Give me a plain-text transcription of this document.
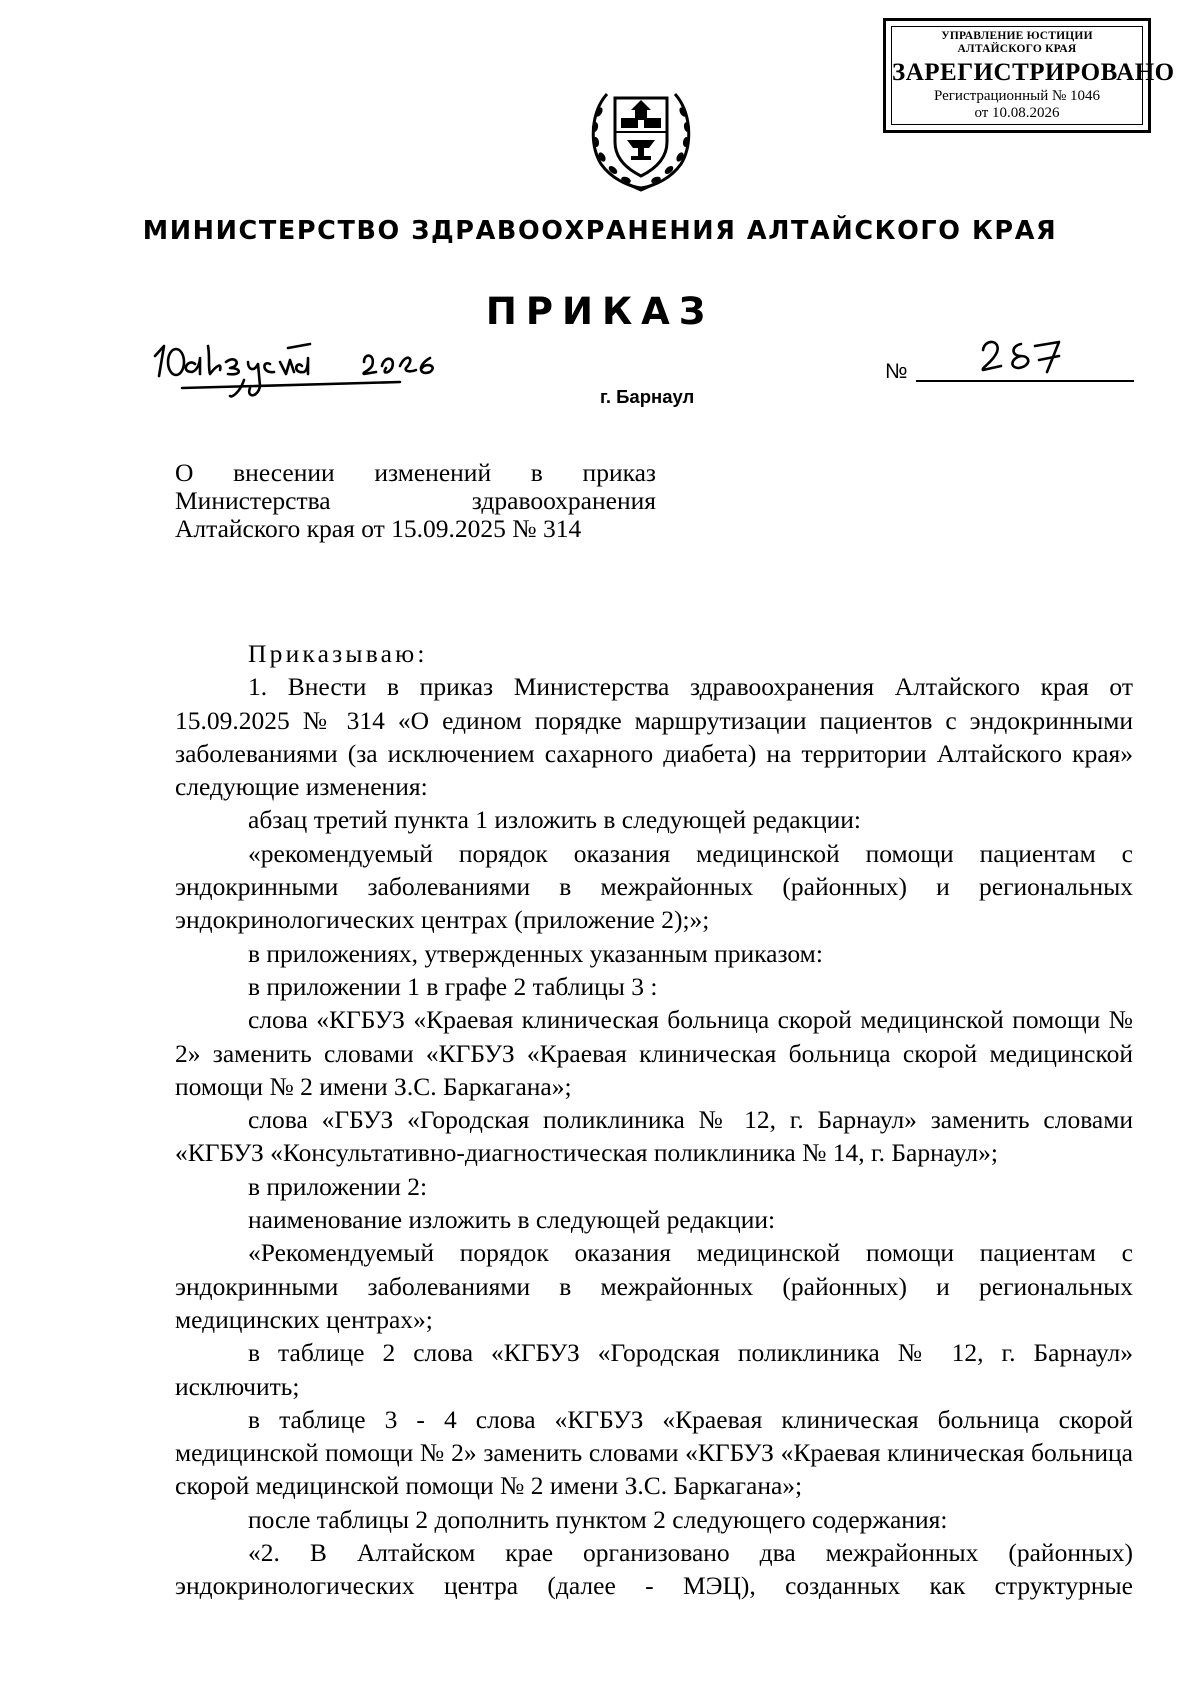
УПРАВЛЕНИЕ ЮСТИЦИИ АЛТАЙСКОГО КРАЯ
ЗАРЕГИСТРИРОВАНО
Регистрационный № 1046
от 10.08.2026
МИНИСТЕРСТВО ЗДРАВООХРАНЕНИЯ АЛТАЙСКОГО КРАЯ
ПРИКАЗ
№
г. Барнаул
О внесении изменений в приказ
Министерства здравоохранения
Алтайского края от 15.09.2025 № 314

Приказываю:

1. Внести в приказ Министерства здравоохранения Алтайского края от 15.09.2025 № 314 «О едином порядке маршрутизации пациентов с эндокринными заболеваниями (за исключением сахарного диабета) на территории Алтайского края» следующие изменения:

абзац третий пункта 1 изложить в следующей редакции:

«рекомендуемый порядок оказания медицинской помощи пациентам с эндокринными заболеваниями в межрайонных (районных) и региональных эндокринологических центрах (приложение 2);»;

в приложениях, утвержденных указанным приказом:

в приложении 1 в графе 2 таблицы 3 :

слова «КГБУЗ «Краевая клиническая больница скорой медицинской помощи № 2» заменить словами «КГБУЗ «Краевая клиническая больница скорой медицинской помощи № 2 имени З.С. Баркагана»;

слова «ГБУЗ «Городская поликлиника № 12, г. Барнаул» заменить словами «КГБУЗ «Консультативно-диагностическая поликлиника № 14, г. Барнаул»;

в приложении 2:

наименование изложить в следующей редакции:

«Рекомендуемый порядок оказания медицинской помощи пациентам с эндокринными заболеваниями в межрайонных (районных) и региональных медицинских центрах»;

в таблице 2 слова «КГБУЗ «Городская поликлиника № 12, г. Барнаул» исключить;

в таблице 3 - 4 слова «КГБУЗ «Краевая клиническая больница скорой медицинской помощи № 2» заменить словами «КГБУЗ «Краевая клиническая больница скорой медицинской помощи № 2 имени З.С. Баркагана»;

после таблицы 2 дополнить пунктом 2 следующего содержания:

«2. В Алтайском крае организовано два межрайонных (районных) эндокринологических центра (далее - МЭЦ), созданных как структурные
